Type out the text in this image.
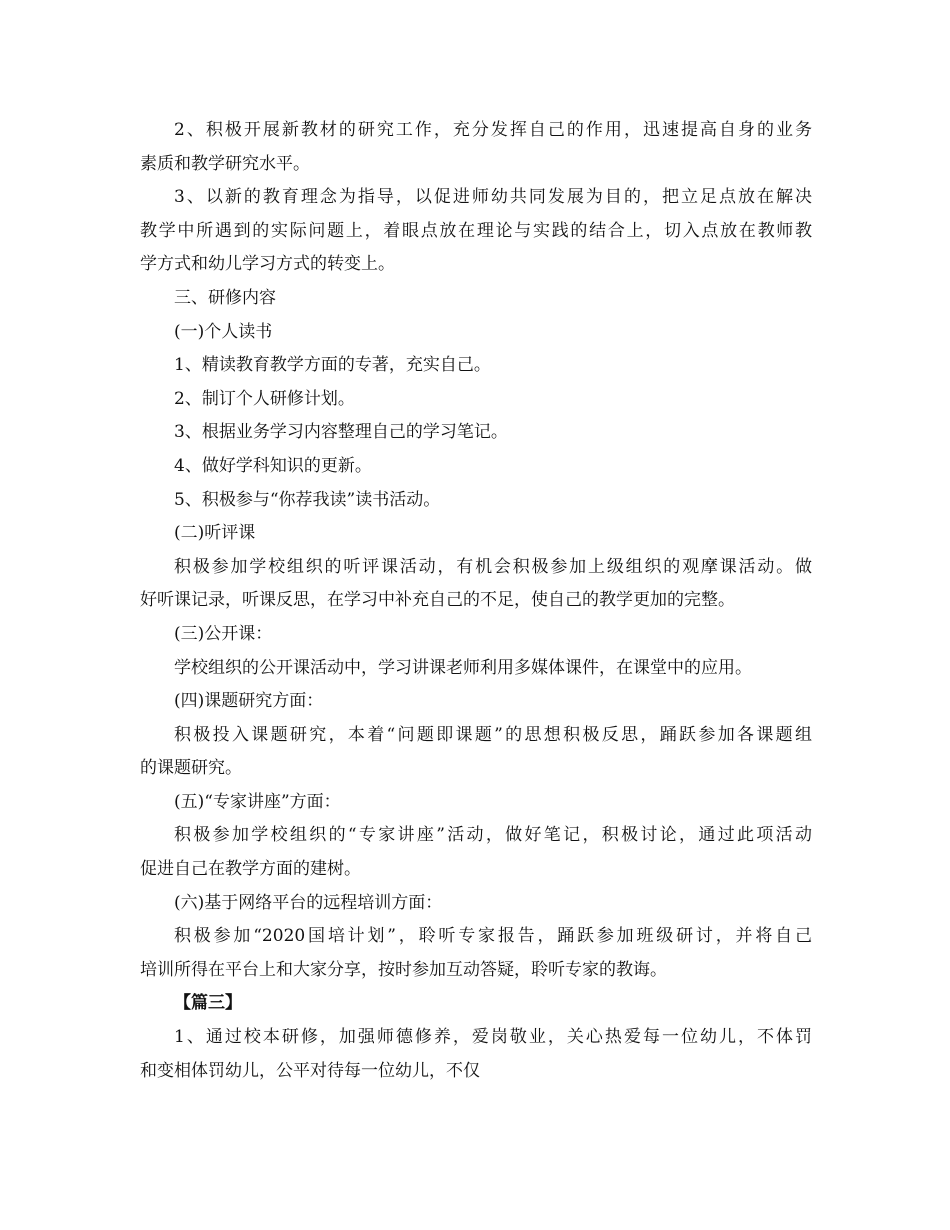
2、积极开展新教材的研究工作，充分发挥自己的作用，迅速提高自身的业务
素质和教学研究水平。
3、以新的教育理念为指导，以促进师幼共同发展为目的，把立足点放在解决
教学中所遇到的实际问题上，着眼点放在理论与实践的结合上，切入点放在教师教
学方式和幼儿学习方式的转变上。
三、研修内容
(一)个人读书
1、精读教育教学方面的专著，充实自己。
2、制订个人研修计划。
3、根据业务学习内容整理自己的学习笔记。
4、做好学科知识的更新。
5、积极参与“你荐我读”读书活动。
(二)听评课
积极参加学校组织的听评课活动，有机会积极参加上级组织的观摩课活动。做
好听课记录，听课反思，在学习中补充自己的不足，使自己的教学更加的完整。
(三)公开课：
学校组织的公开课活动中，学习讲课老师利用多媒体课件，在课堂中的应用。
(四)课题研究方面：
积极投入课题研究，本着“问题即课题”的思想积极反思，踊跃参加各课题组
的课题研究。
(五)“专家讲座”方面：
积极参加学校组织的“专家讲座”活动，做好笔记，积极讨论，通过此项活动
促进自己在教学方面的建树。
(六)基于网络平台的远程培训方面：
积极参加“2020国培计划”，聆听专家报告，踊跃参加班级研讨，并将自己
培训所得在平台上和大家分享，按时参加互动答疑，聆听专家的教诲。
【篇三】
1、通过校本研修，加强师德修养，爱岗敬业，关心热爱每一位幼儿，不体罚
和变相体罚幼儿，公平对待每一位幼儿，不仅
